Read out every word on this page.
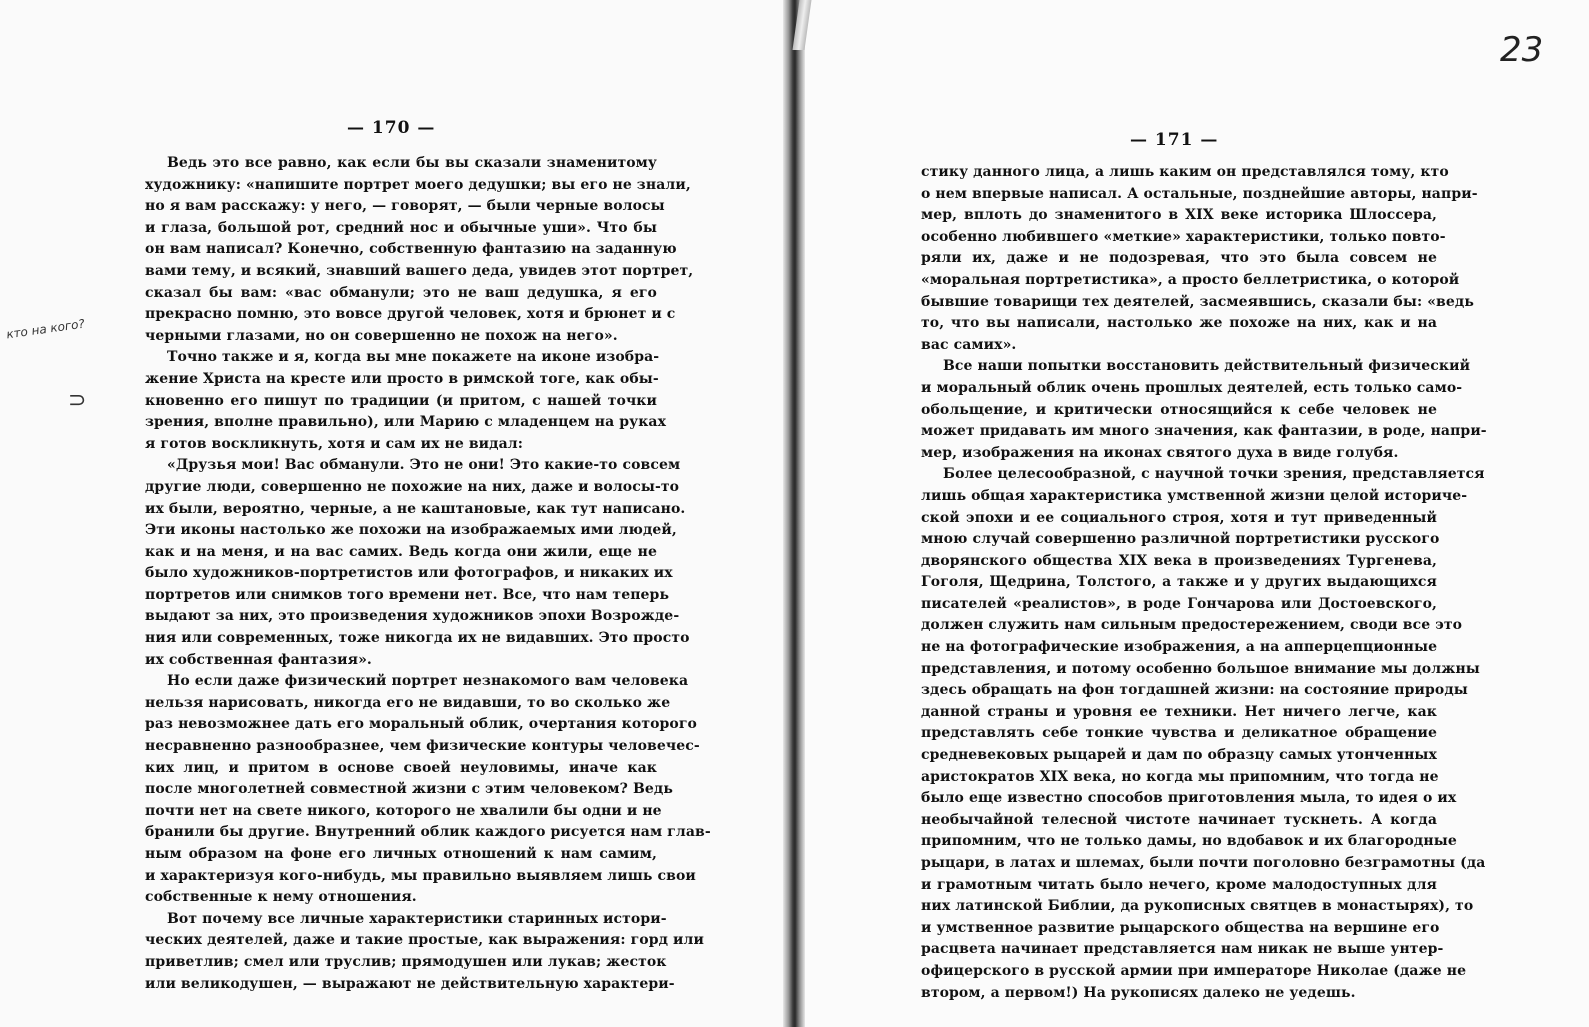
23
кто на кого?
⊃
— 170 —
Ведь это все равно, как если бы вы сказали знаменитому
художнику: «напишите портрет моего дедушки; вы его не знали,
но я вам расскажу: у него, — говорят, — были черные волосы
и глаза, большой рот, средний нос и обычные уши». Что бы
он вам написал? Конечно, собственную фантазию на заданную
вами тему, и всякий, знавший вашего деда, увидев этот портрет,
сказал бы вам: «вас обманули; это не ваш дедушка, я его
прекрасно помню, это вовсе другой человек, хотя и брюнет и с
черными глазами, но он совершенно не похож на него».
Точно также и я, когда вы мне покажете на иконе изобра-
жение Христа на кресте или просто в римской тоге, как обы-
кновенно его пишут по традиции (и притом, с нашей точки
зрения, вполне правильно), или Марию с младенцем на руках
я готов воскликнуть, хотя и сам их не видал:
«Друзья мои! Вас обманули. Это не они! Это какие-то совсем
другие люди, совершенно не похожие на них, даже и волосы-то
их были, вероятно, черные, а не каштановые, как тут написано.
Эти иконы настолько же похожи на изображаемых ими людей,
как и на меня, и на вас самих. Ведь когда они жили, еще не
было художников-портретистов или фотографов, и никаких их
портретов или снимков того времени нет. Все, что нам теперь
выдают за них, это произведения художников эпохи Возрожде-
ния или современных, тоже никогда их не видавших. Это просто
их собственная фантазия».
Но если даже физический портрет незнакомого вам человека
нельзя нарисовать, никогда его не видавши, то во сколько же
раз невозможнее дать его моральный облик, очертания которого
несравненно разнообразнее, чем физические контуры человечес-
ких лиц, и притом в основе своей неуловимы, иначе как
после многолетней совместной жизни с этим человеком? Ведь
почти нет на свете никого, которого не хвалили бы одни и не
бранили бы другие. Внутренний облик каждого рисуется нам глав-
ным образом на фоне его личных отношений к нам самим,
и характеризуя кого-нибудь, мы правильно выявляем лишь свои
собственные к нему отношения.
Вот почему все личные характеристики старинных истори-
ческих деятелей, даже и такие простые, как выражения: горд или
приветлив; смел или труслив; прямодушен или лукав; жесток
или великодушен, — выражают не действительную характери-
— 171 —
стику данного лица, а лишь каким он представлялся тому, кто
о нем впервые написал. А остальные, позднейшие авторы, напри-
мер, вплоть до знаменитого в XIX веке историка Шлоссера,
особенно любившего «меткие» характеристики, только повто-
ряли их, даже и не подозревая, что это была совсем не
«моральная портретистика», а просто беллетристика, о которой
бывшие товарищи тех деятелей, засмеявшись, сказали бы: «ведь
то, что вы написали, настолько же похоже на них, как и на
вас самих».
Все наши попытки восстановить действительный физический
и моральный облик очень прошлых деятелей, есть только само-
обольщение, и критически относящийся к себе человек не
может придавать им много значения, как фантазии, в роде, напри-
мер, изображения на иконах святого духа в виде голубя.
Более целесообразной, с научной точки зрения, представляется
лишь общая характеристика умственной жизни целой историче-
ской эпохи и ее социального строя, хотя и тут приведенный
мною случай совершенно различной портретистики русского
дворянского общества XIX века в произведениях Тургенева,
Гоголя, Щедрина, Толстого, а также и у других выдающихся
писателей «реалистов», в роде Гончарова или Достоевского,
должен служить нам сильным предостережением, своди все это
не на фотографические изображения, а на апперцепционные
представления, и потому особенно большое внимание мы должны
здесь обращать на фон тогдашней жизни: на состояние природы
данной страны и уровня ее техники. Нет ничего легче, как
представлять себе тонкие чувства и деликатное обращение
средневековых рыцарей и дам по образцу самых утонченных
аристократов XIX века, но когда мы припомним, что тогда не
было еще известно способов приготовления мыла, то идея о их
необычайной телесной чистоте начинает тускнеть. А когда
припомним, что не только дамы, но вдобавок и их благородные
рыцари, в латах и шлемах, были почти поголовно безграмотны (да
и грамотным читать было нечего, кроме малодоступных для
них латинской Библии, да рукописных святцев в монастырях), то
и умственное развитие рыцарского общества на вершине его
расцвета начинает представляется нам никак не выше унтер-
офицерского в русской армии при императоре Николае (даже не
втором, а первом!) На рукописях далеко не уедешь.
